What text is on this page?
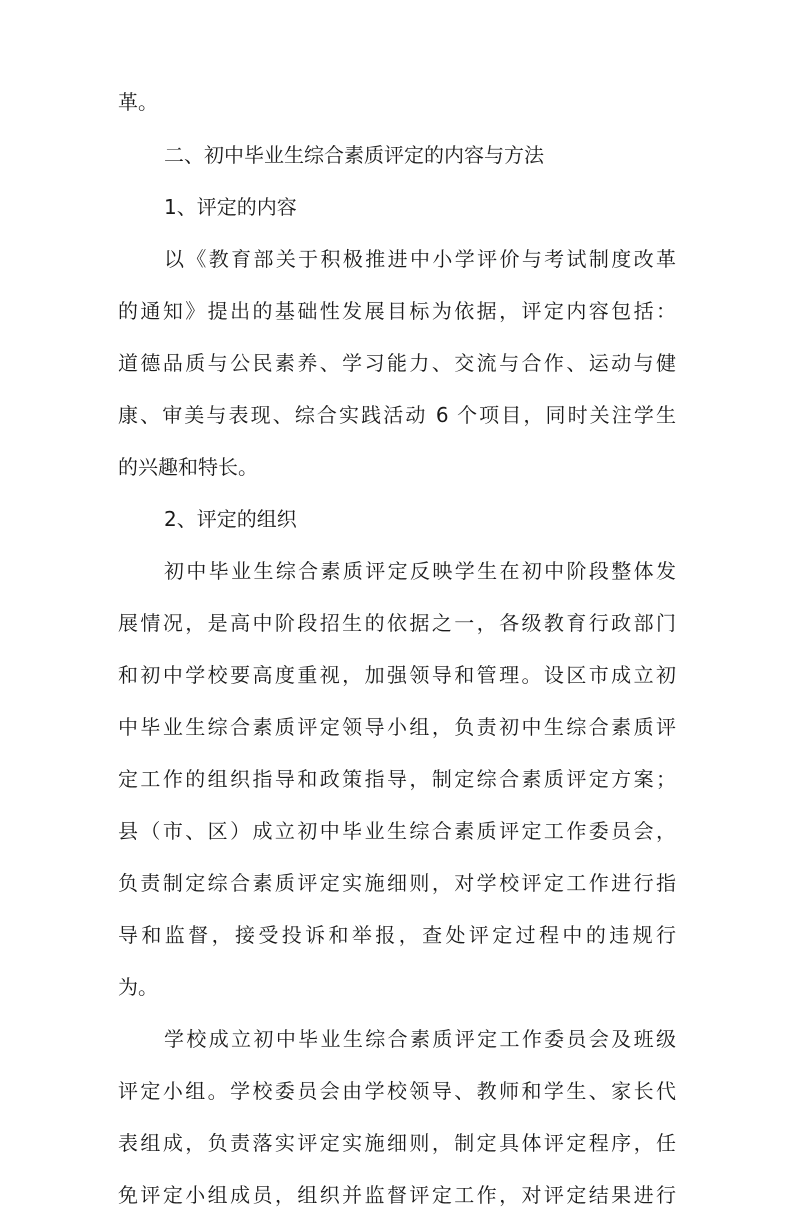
革。
二、初中毕业生综合素质评定的内容与方法
1、评定的内容
以《教育部关于积极推进中小学评价与考试制度改革
的通知》提出的基础性发展目标为依据，评定内容包括：
道德品质与公民素养、学习能力、交流与合作、运动与健
康、审美与表现、综合实践活动 6 个项目，同时关注学生
的兴趣和特长。
2、评定的组织
初中毕业生综合素质评定反映学生在初中阶段整体发
展情况，是高中阶段招生的依据之一，各级教育行政部门
和初中学校要高度重视，加强领导和管理。设区市成立初
中毕业生综合素质评定领导小组，负责初中生综合素质评
定工作的组织指导和政策指导，制定综合素质评定方案；
县（市、区）成立初中毕业生综合素质评定工作委员会，
负责制定综合素质评定实施细则，对学校评定工作进行指
导和监督，接受投诉和举报，查处评定过程中的违规行
为。
学校成立初中毕业生综合素质评定工作委员会及班级
评定小组。学校委员会由学校领导、教师和学生、家长代
表组成，负责落实评定实施细则，制定具体评定程序，任
免评定小组成员，组织并监督评定工作，对评定结果进行
